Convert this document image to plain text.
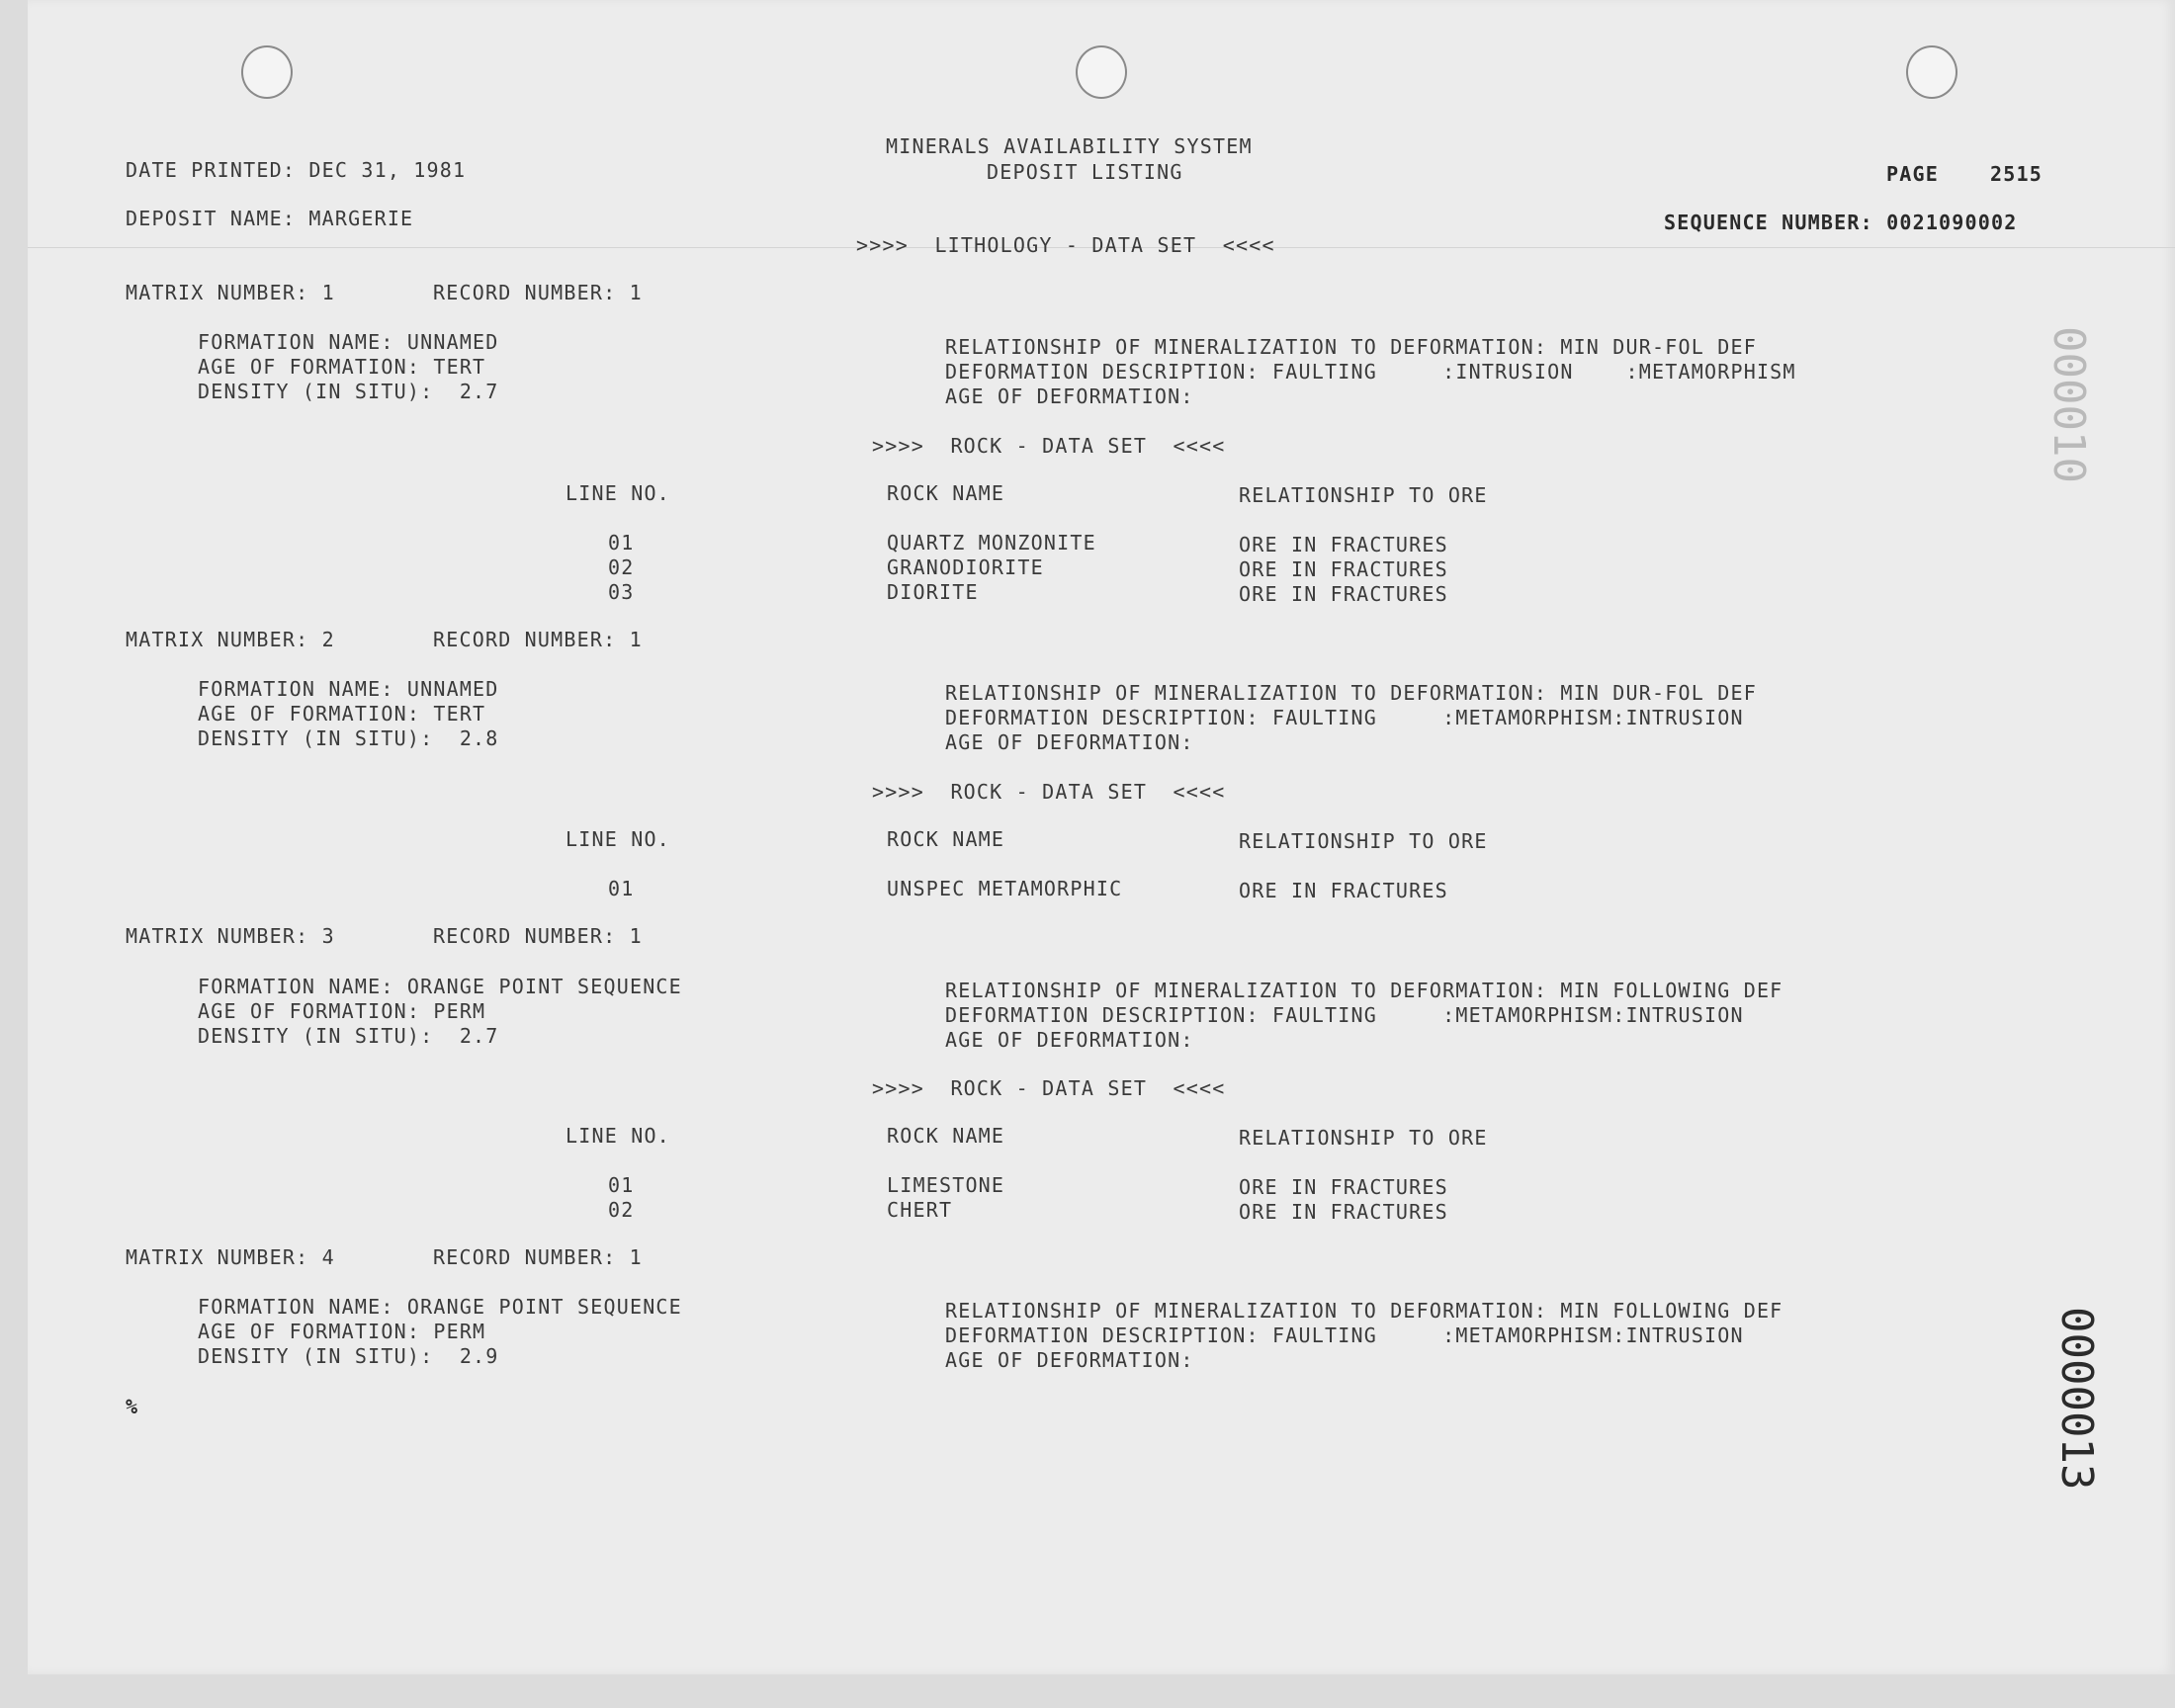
MINERALS AVAILABILITY SYSTEM
DEPOSIT LISTING
DATE PRINTED: DEC 31, 1981	PAGE	2515
DEPOSIT NAME: MARGERIE	SEQUENCE NUMBER: 0021090002
>>>>  LITHOLOGY - DATA SET  <<<<
MATRIX NUMBER: 1	RECORD NUMBER: 1
FORMATION NAME: UNNAMED
AGE OF FORMATION: TERT
DENSITY (IN SITU):  2.7
RELATIONSHIP OF MINERALIZATION TO DEFORMATION: MIN DUR-FOL DEF
DEFORMATION DESCRIPTION: FAULTING     :INTRUSION    :METAMORPHISM
AGE OF DEFORMATION:
>>>>  ROCK - DATA SET  <<<<
LINE NO.	ROCK NAME	RELATIONSHIP TO ORE
01	QUARTZ MONZONITE	ORE IN FRACTURES
02	GRANODIORITE	ORE IN FRACTURES
03	DIORITE	ORE IN FRACTURES
MATRIX NUMBER: 2	RECORD NUMBER: 1
FORMATION NAME: UNNAMED
AGE OF FORMATION: TERT
DENSITY (IN SITU):  2.8
RELATIONSHIP OF MINERALIZATION TO DEFORMATION: MIN DUR-FOL DEF
DEFORMATION DESCRIPTION: FAULTING     :METAMORPHISM:INTRUSION
AGE OF DEFORMATION:
>>>>  ROCK - DATA SET  <<<<
LINE NO.	ROCK NAME	RELATIONSHIP TO ORE
01	UNSPEC METAMORPHIC	ORE IN FRACTURES
MATRIX NUMBER: 3	RECORD NUMBER: 1
FORMATION NAME: ORANGE POINT SEQUENCE
AGE OF FORMATION: PERM
DENSITY (IN SITU):  2.7
RELATIONSHIP OF MINERALIZATION TO DEFORMATION: MIN FOLLOWING DEF
DEFORMATION DESCRIPTION: FAULTING     :METAMORPHISM:INTRUSION
AGE OF DEFORMATION:
>>>>  ROCK - DATA SET  <<<<
LINE NO.	ROCK NAME	RELATIONSHIP TO ORE
01	LIMESTONE	ORE IN FRACTURES
02	CHERT	ORE IN FRACTURES
MATRIX NUMBER: 4	RECORD NUMBER: 1
FORMATION NAME: ORANGE POINT SEQUENCE
AGE OF FORMATION: PERM
DENSITY (IN SITU):  2.9
RELATIONSHIP OF MINERALIZATION TO DEFORMATION: MIN FOLLOWING DEF
DEFORMATION DESCRIPTION: FAULTING     :METAMORPHISM:INTRUSION
AGE OF DEFORMATION:
%	0000013
000010
